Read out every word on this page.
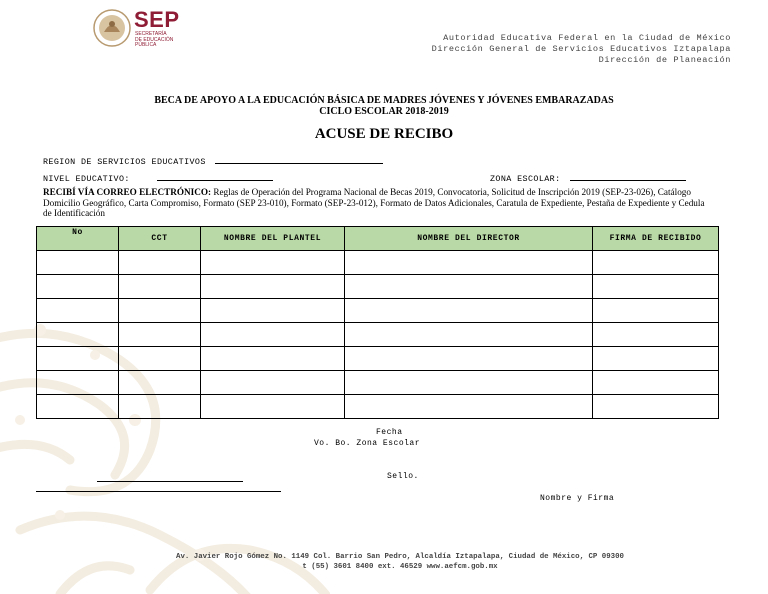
SEP
SECRETARÍA
DE EDUCACIÓN
PÚBLICA
Autoridad Educativa Federal en la Ciudad de México
Dirección General de Servicios Educativos Iztapalapa
Dirección de Planeación
BECA DE APOYO A LA EDUCACIÓN BÁSICA DE MADRES JÓVENES Y JÓVENES EMBARAZADAS
CICLO ESCOLAR 2018-2019
ACUSE DE RECIBO
REGION DE SERVICIOS EDUCATIVOS
NIVEL EDUCATIVO:	ZONA ESCOLAR:
RECIBÍ VÍA CORREO ELECTRÓNICO: Reglas de Operación del Programa Nacional de Becas 2019, Convocatoria, Solicitud de Inscripción 2019 (SEP-23-026), Catálogo Domicilio Geográfico, Carta Compromiso, Formato (SEP 23-010), Formato (SEP-23-012), Formato de Datos Adicionales, Caratula de Expediente, Pestaña de Expediente y Cedula de Identificación
No	CCT	NOMBRE DEL PLANTEL	NOMBRE DEL DIRECTOR	FIRMA DE RECIBIDO

Fecha
Vo. Bo. Zona Escolar
Sello.
Nombre y Firma
Av. Javier Rojo Gómez No. 1149 Col. Barrio San Pedro, Alcaldía Iztapalapa, Ciudad de México, CP 09300
t (55) 3601 8400 ext. 46529 www.aefcm.gob.mx
